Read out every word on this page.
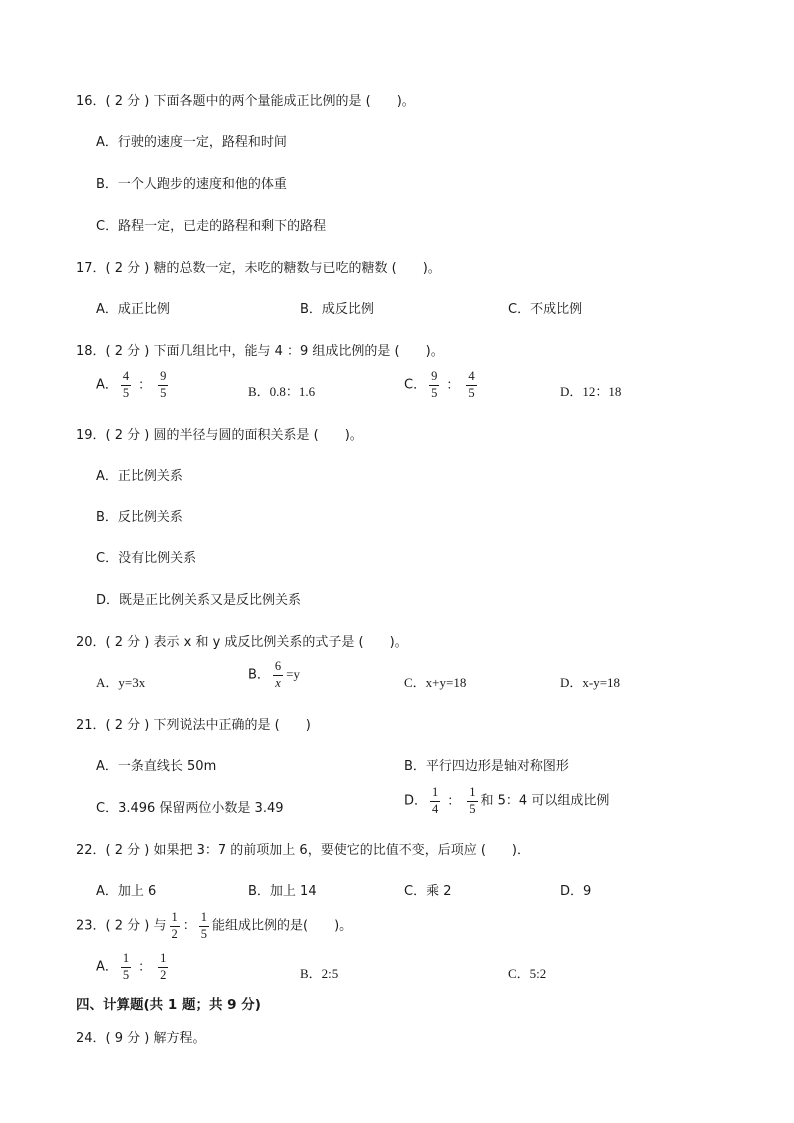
16．( 2 分 ) 下面各题中的两个量能成正比例的是 (　　)。
A．行驶的速度一定，路程和时间
B．一个人跑步的速度和他的体重
C．路程一定，已走的路程和剩下的路程
17．( 2 分 ) 糖的总数一定，未吃的糖数与已吃的糖数 (　　)。
A．成正比例	B．成反比例	C．不成比例
18．( 2 分 ) 下面几组比中，能与 4 ：9 组成比例的是 (　　)。
A． $\frac{4}{5}$ ： $\frac{9}{5}$	B．0.8：1.6	C． $\frac{9}{5}$ ： $\frac{4}{5}$	D．12：18
19．( 2 分 ) 圆的半径与圆的面积关系是 (　　)。
A．正比例关系
B．反比例关系
C．没有比例关系
D．既是正比例关系又是反比例关系
20．( 2 分 ) 表示 x 和 y 成反比例关系的式子是 (　　)。
A．y=3x	B． $\frac{6}{x} =y$
C．x+y=18	D．x-y=18
21．( 2 分 ) 下列说法中正确的是 (　　)
A．一条直线长 50m	B．平行四边形是轴对称图形
C．3.496 保留两位小数是 3.49	D． $\frac{1}{4}$ ： $\frac{1}{5}$ 和 5：4 可以组成比例
22．( 2 分 ) 如果把 3：7 的前项加上 6，要使它的比值不变，后项应 (　　)．
A．加上 6	B．加上 14	C．乘 2	D．9
23．( 2 分 ) 与 $\frac{1}{2}$ ： $\frac{1}{5}$ 能组成比例的是(　　)。
A． $\frac{1}{5}$ ： $\frac{1}{2}$	B．2:5	C．5:2
四、计算题(共 1 题；共 9 分)
24．( 9 分 ) 解方程。
